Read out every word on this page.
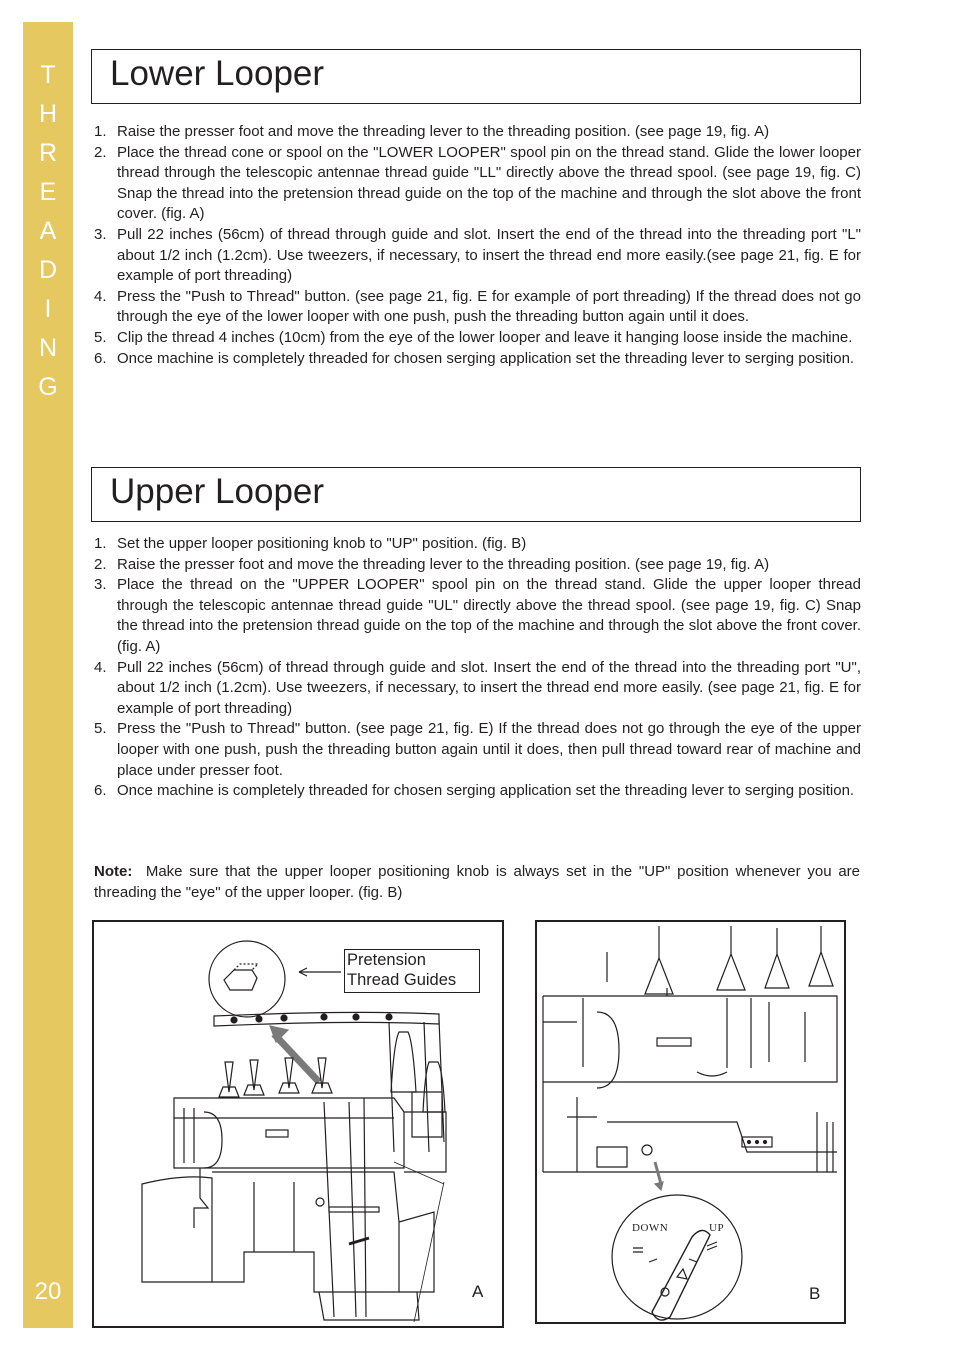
T
H
R
E
A
D
I
N
G
20
Lower Looper
1. Raise the presser foot and move the threading lever to the threading position. (see page 19, fig. A)
2. Place the thread cone or spool on the "LOWER LOOPER" spool pin on the thread stand. Glide the lower looper thread through the telescopic antennae thread guide "LL" directly above the thread spool. (see page 19, fig. C) Snap the thread into the pretension thread guide on the top of the machine and through the slot above the front cover. (fig. A)
3. Pull 22 inches (56cm) of thread through guide and slot. Insert the end of the thread into the threading port "L" about 1/2 inch (1.2cm). Use tweezers, if necessary, to insert the thread end more easily.(see page 21, fig. E for example of port threading)
4. Press the "Push to Thread" button. (see page 21, fig. E for example of port threading) If the thread does not go through the eye of the lower looper with one push, push the threading button again until it does.
5. Clip the thread 4 inches (10cm) from the eye of the lower looper and leave it hanging loose inside the machine.
6. Once machine is completely threaded for chosen serging application set the threading lever to serging position.
Upper Looper
1. Set the upper looper positioning knob to "UP" position. (fig. B)
2. Raise the presser foot and move the threading lever to the threading position. (see page 19, fig. A)
3. Place the thread on the "UPPER LOOPER" spool pin on the thread stand. Glide the upper looper thread through the telescopic antennae thread guide "UL" directly above the thread spool. (see page 19, fig. C) Snap the thread into the pretension thread guide on the top of the machine and through the slot above the front cover. (fig. A)
4. Pull 22 inches (56cm) of thread through guide and slot. Insert the end of the thread into the threading port "U", about 1/2 inch (1.2cm). Use tweezers, if necessary, to insert the thread end more easily. (see page 21, fig. E for example of port threading)
5. Press the "Push to Thread" button. (see page 21, fig. E) If the thread does not go through the eye of the upper looper with one push, push the threading button again until it does, then pull thread toward rear of machine and place under presser foot.
6. Once machine is completely threaded for chosen serging application set the threading lever to serging position.
Note: Make sure that the upper looper positioning knob is always set in the "UP" position whenever you are threading the "eye" of the upper looper. (fig. B)
Pretension
Thread Guides
A
DOWN	UP
B
